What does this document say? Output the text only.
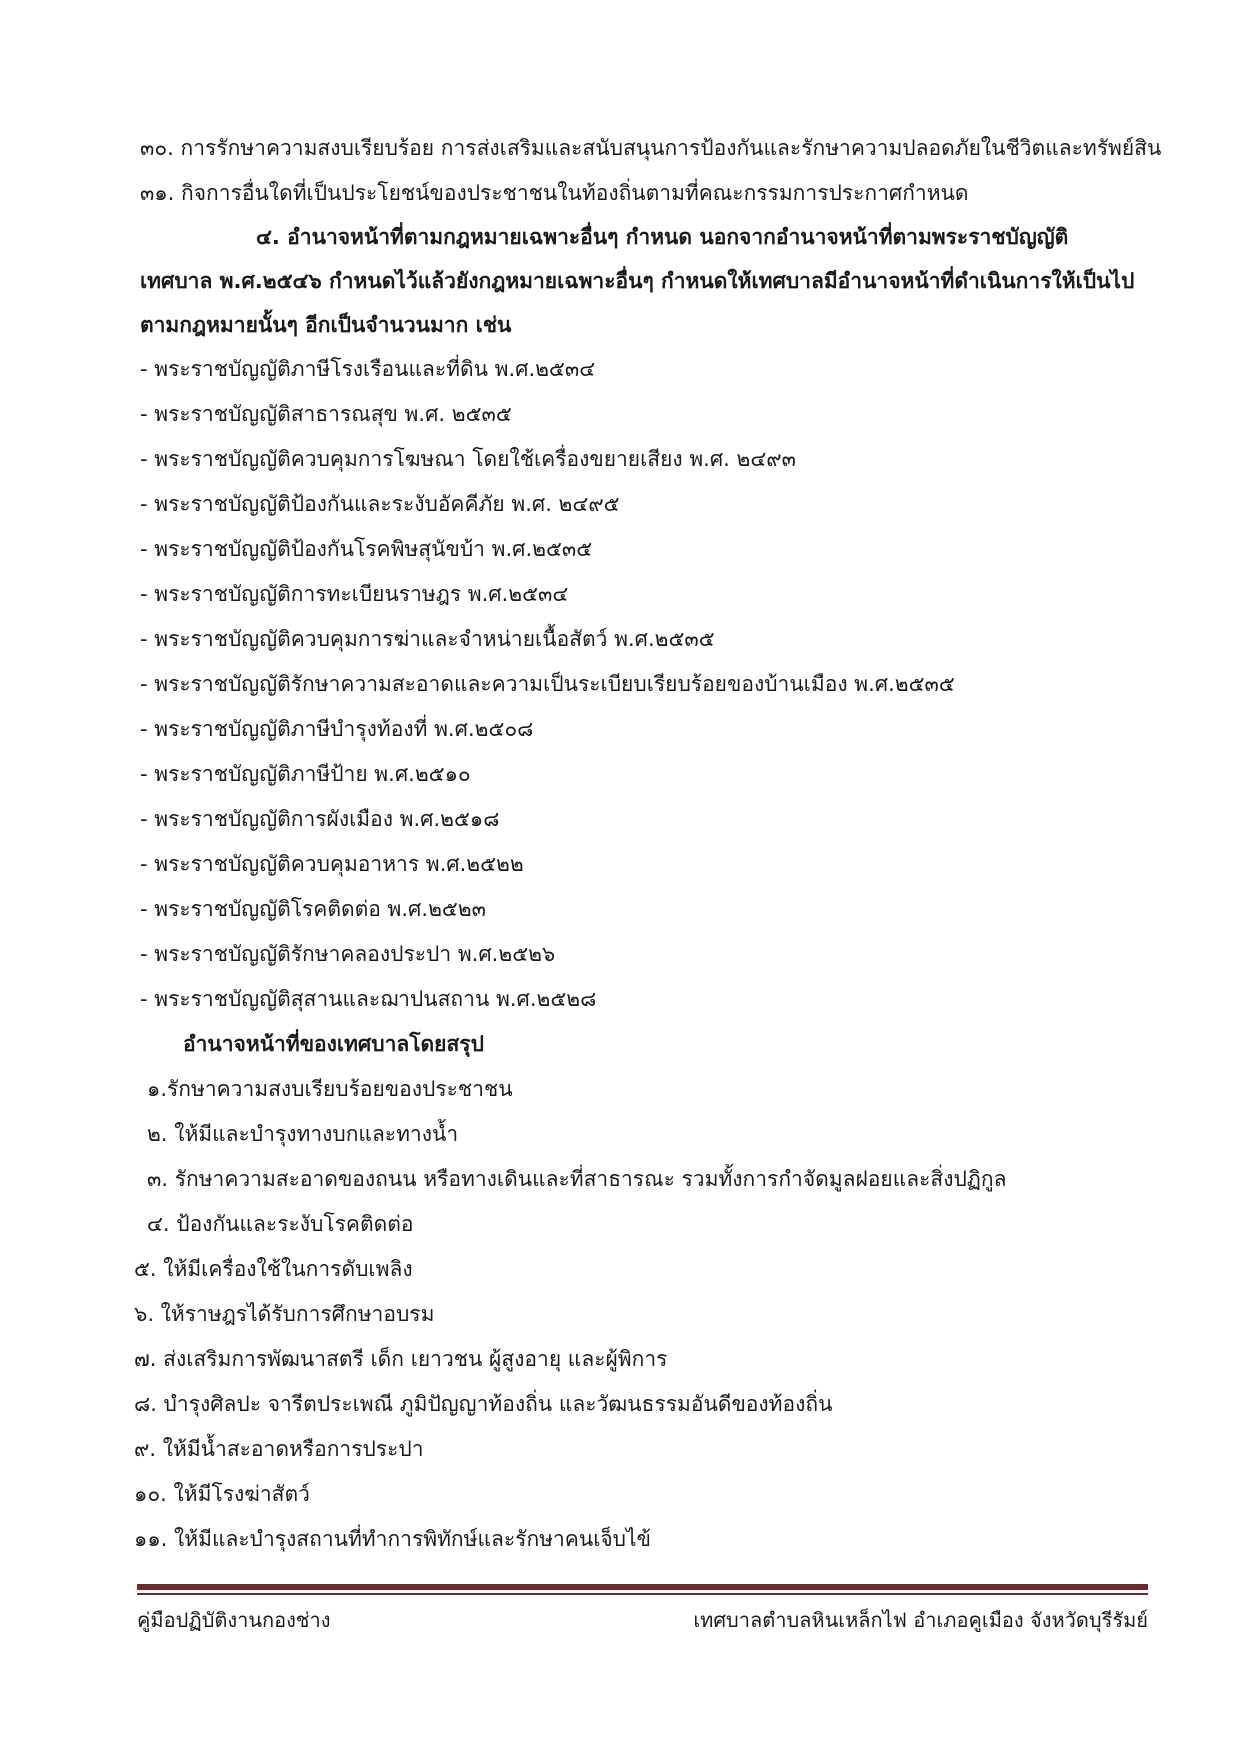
๓๐. การรักษาความสงบเรียบร้อย การส่งเสริมและสนับสนุนการป้องกันและรักษาความปลอดภัยในชีวิตและทรัพย์สิน
๓๑. กิจการอื่นใดที่เป็นประโยชน์ของประชาชนในท้องถิ่นตามที่คณะกรรมการประกาศกำหนด
๔. อำนาจหน้าที่ตามกฎหมายเฉพาะอื่นๆ กำหนด นอกจากอำนาจหน้าที่ตามพระราชบัญญัติ
เทศบาล พ.ศ.๒๕๔๖ กำหนดไว้แล้วยังกฎหมายเฉพาะอื่นๆ กำหนดให้เทศบาลมีอำนาจหน้าที่ดำเนินการให้เป็นไป
ตามกฎหมายนั้นๆ อีกเป็นจำนวนมาก เช่น
- พระราชบัญญัติภาษีโรงเรือนและที่ดิน พ.ศ.๒๕๓๔
- พระราชบัญญัติสาธารณสุข พ.ศ. ๒๕๓๕
- พระราชบัญญัติควบคุมการโฆษณา โดยใช้เครื่องขยายเสียง พ.ศ. ๒๔๙๓
- พระราชบัญญัติป้องกันและระงับอัคคีภัย พ.ศ. ๒๔๙๕
- พระราชบัญญัติป้องกันโรคพิษสุนัขบ้า พ.ศ.๒๕๓๕
- พระราชบัญญัติการทะเบียนราษฎร พ.ศ.๒๕๓๔
- พระราชบัญญัติควบคุมการฆ่าและจำหน่ายเนื้อสัตว์ พ.ศ.๒๕๓๕
- พระราชบัญญัติรักษาความสะอาดและความเป็นระเบียบเรียบร้อยของบ้านเมือง พ.ศ.๒๕๓๕
- พระราชบัญญัติภาษีบำรุงท้องที่ พ.ศ.๒๕๐๘
- พระราชบัญญัติภาษีป้าย พ.ศ.๒๕๑๐
- พระราชบัญญัติการผังเมือง พ.ศ.๒๕๑๘
- พระราชบัญญัติควบคุมอาหาร พ.ศ.๒๕๒๒
- พระราชบัญญัติโรคติดต่อ พ.ศ.๒๕๒๓
- พระราชบัญญัติรักษาคลองประปา พ.ศ.๒๕๒๖
- พระราชบัญญัติสุสานและฌาปนสถาน พ.ศ.๒๕๒๘
อำนาจหน้าที่ของเทศบาลโดยสรุป
๑.รักษาความสงบเรียบร้อยของประชาชน
๒. ให้มีและบำรุงทางบกและทางน้ำ
๓. รักษาความสะอาดของถนน หรือทางเดินและที่สาธารณะ รวมทั้งการกำจัดมูลฝอยและสิ่งปฏิกูล
๔. ป้องกันและระงับโรคติดต่อ
๕. ให้มีเครื่องใช้ในการดับเพลิง
๖. ให้ราษฎรได้รับการศึกษาอบรม
๗. ส่งเสริมการพัฒนาสตรี เด็ก เยาวชน ผู้สูงอายุ และผู้พิการ
๘. บำรุงศิลปะ จารีตประเพณี ภูมิปัญญาท้องถิ่น และวัฒนธรรมอันดีของท้องถิ่น
๙. ให้มีน้ำสะอาดหรือการประปา
๑๐. ให้มีโรงฆ่าสัตว์
๑๑. ให้มีและบำรุงสถานที่ทำการพิทักษ์และรักษาคนเจ็บไข้
คู่มือปฏิบัติงานกองช่าง	เทศบาลตำบลหินเหล็กไฟ อำเภอคูเมือง จังหวัดบุรีรัมย์
